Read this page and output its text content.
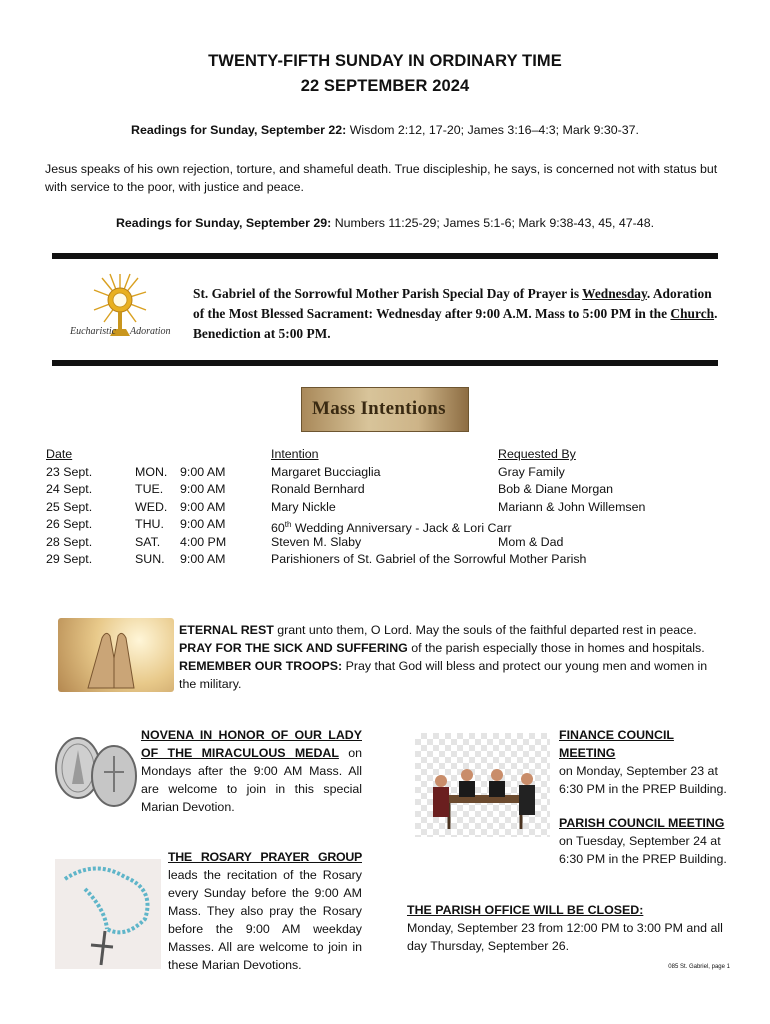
TWENTY-FIFTH SUNDAY IN ORDINARY TIME
22 SEPTEMBER 2024
Readings for Sunday, September 22: Wisdom 2:12, 17-20; James 3:16–4:3; Mark 9:30-37.
Jesus speaks of his own rejection, torture, and shameful death. True discipleship, he says, is concerned not with status but with service to the poor, with justice and peace.
Readings for Sunday, September 29: Numbers 11:25-29; James 5:1-6; Mark 9:38-43, 45, 47-48.
Eucharistic Adoration
St. Gabriel of the Sorrowful Mother Parish Special Day of Prayer is Wednesday. Adoration of the Most Blessed Sacrament: Wednesday after 9:00 A.M. Mass to 5:00 PM in the Church. Benediction at 5:00 PM.
Mass Intentions
Date	Intention	Requested By
23 Sept.	MON. 9:00 AM	Margaret Bucciaglia	Gray Family
24 Sept.	TUE. 9:00 AM	Ronald Bernhard	Bob & Diane Morgan
25 Sept.	WED. 9:00 AM	Mary Nickle	Mariann & John Willemsen
26 Sept.	THU. 9:00 AM	60th Wedding Anniversary - Jack & Lori Carr
28 Sept.	SAT. 4:00 PM	Steven M. Slaby	Mom & Dad
29 Sept.	SUN. 9:00 AM	Parishioners of St. Gabriel of the Sorrowful Mother Parish
ETERNAL REST grant unto them, O Lord. May the souls of the faithful departed rest in peace.
PRAY FOR THE SICK AND SUFFERING of the parish especially those in homes and hospitals.
REMEMBER OUR TROOPS: Pray that God will bless and protect our young men and women in the military.
NOVENA IN HONOR OF OUR LADY OF THE MIRACULOUS MEDAL on Mondays after the 9:00 AM Mass. All are welcome to join in this special Marian Devotion.
THE ROSARY PRAYER GROUP leads the recitation of the Rosary every Sunday before the 9:00 AM Mass. They also pray the Rosary before the 9:00 AM weekday Masses. All are welcome to join in these Marian Devotions.
FINANCE COUNCIL MEETING
on Monday, September 23 at 6:30 PM in the PREP Building.
PARISH COUNCIL MEETING
on Tuesday, September 24 at 6:30 PM in the PREP Building.
THE PARISH OFFICE WILL BE CLOSED:
Monday, September 23 from 12:00 PM to 3:00 PM and all day Thursday, September 26.
085 St. Gabriel, page 1
